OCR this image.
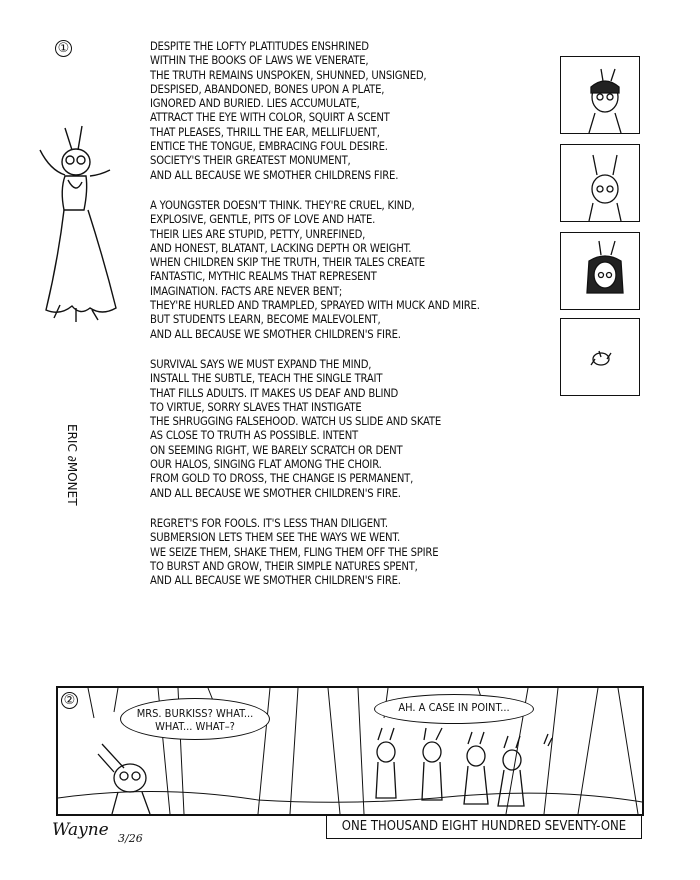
①	DESPITE THE LOFTY PLATITUDES ENSHRINED
WITHIN THE BOOKS OF LAWS WE VENERATE,
THE TRUTH REMAINS UNSPOKEN, SHUNNED, UNSIGNED,
DESPISED, ABANDONED, BONES UPON A PLATE,
IGNORED AND BURIED. LIES ACCUMULATE,
ATTRACT THE EYE WITH COLOR, SQUIRT A SCENT
THAT PLEASES, THRILL THE EAR, MELLIFLUENT,
ENTICE THE TONGUE, EMBRACING FOUL DESIRE.
SOCIETY'S THEIR GREATEST MONUMENT,
AND ALL BECAUSE WE SMOTHER CHILDRENS FIRE.
A YOUNGSTER DOESN'T THINK. THEY'RE CRUEL, KIND,
EXPLOSIVE, GENTLE, PITS OF LOVE AND HATE.
THEIR LIES ARE STUPID, PETTY, UNREFINED,
AND HONEST, BLATANT, LACKING DEPTH OR WEIGHT.
WHEN CHILDREN SKIP THE TRUTH, THEIR TALES CREATE
FANTASTIC, MYTHIC REALMS THAT REPRESENT
IMAGINATION. FACTS ARE NEVER BENT;
THEY'RE HURLED AND TRAMPLED, SPRAYED WITH MUCK AND MIRE.
BUT STUDENTS LEARN, BECOME MALEVOLENT,
AND ALL BECAUSE WE SMOTHER CHILDREN'S FIRE.
SURVIVAL SAYS WE MUST EXPAND THE MIND,
INSTALL THE SUBTLE, TEACH THE SINGLE TRAIT
THAT FILLS ADULTS. IT MAKES US DEAF AND BLIND
TO VIRTUE, SORRY SLAVES THAT INSTIGATE
THE SHRUGGING FALSEHOOD. WATCH US SLIDE AND SKATE
AS CLOSE TO TRUTH AS POSSIBLE. INTENT
ON SEEMING RIGHT, WE BARELY SCRATCH OR DENT
OUR HALOS, SINGING FLAT AMONG THE CHOIR.
FROM GOLD TO DROSS, THE CHANGE IS PERMANENT,
AND ALL BECAUSE WE SMOTHER CHILDREN'S FIRE.
REGRET'S FOR FOOLS. IT'S LESS THAN DILIGENT.
SUBMERSION LETS THEM SEE THE WAYS WE WENT.
WE SEIZE THEM, SHAKE THEM, FLING THEM OFF THE SPIRE
TO BURST AND GROW, THEIR SIMPLE NATURES SPENT,
AND ALL BECAUSE WE SMOTHER CHILDREN'S FIRE.
ERIC ∂MONET
②
MRS. BURKISS? WHAT...
WHAT... WHAT–?
AH. A CASE IN POINT...
ONE THOUSAND EIGHT HUNDRED SEVENTY-ONE
Wayne 3/26
